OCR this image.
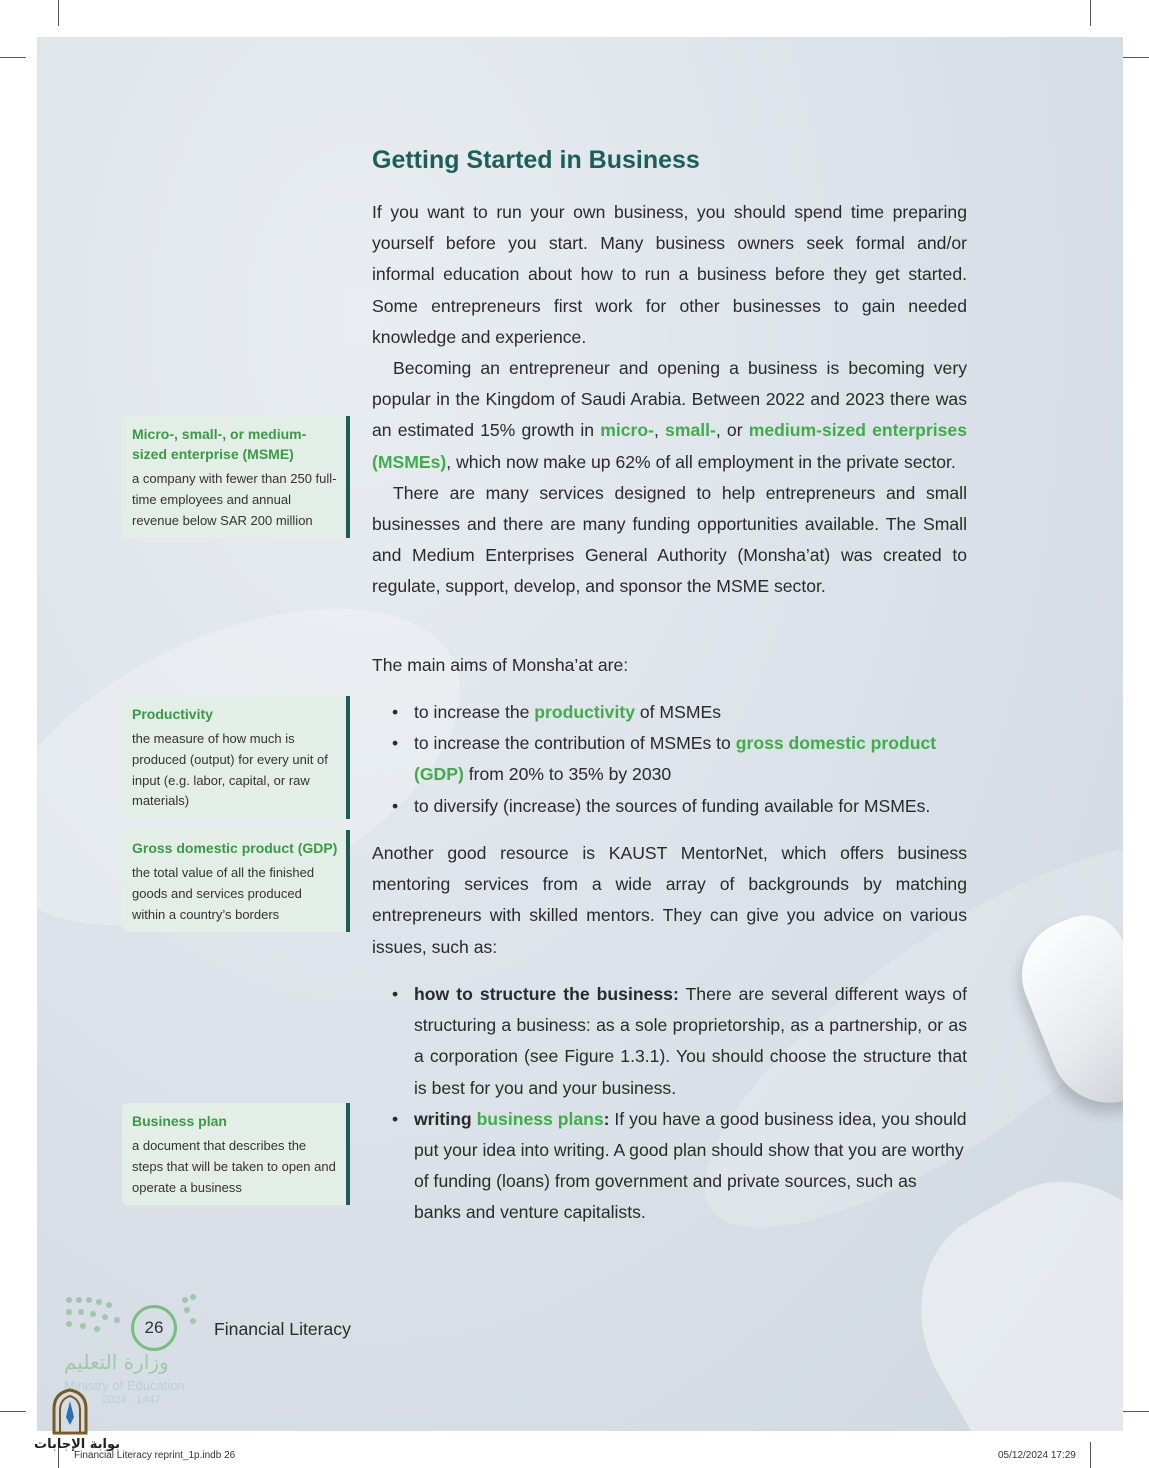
Getting Started in Business

If you want to run your own business, you should spend time preparing yourself before you start. Many business owners seek formal and/or informal education about how to run a business before they get started. Some entrepreneurs first work for other businesses to gain needed knowledge and experience.

Becoming an entrepreneur and opening a business is becoming very popular in the Kingdom of Saudi Arabia. Between 2022 and 2023 there was an estimated 15% growth in micro-, small-, or medium-sized enterprises (MSMEs), which now make up 62% of all employment in the private sector.

There are many services designed to help entrepreneurs and small businesses and there are many funding opportunities available. The Small and Medium Enterprises General Authority (Monsha’at) was created to regulate, support, develop, and sponsor the MSME sector.

The main aims of Monsha’at are:

• to increase the productivity of MSMEs
• to increase the contribution of MSMEs to gross domestic product (GDP) from 20% to 35% by 2030
• to diversify (increase) the sources of funding available for MSMEs.

Another good resource is KAUST MentorNet, which offers business mentoring services from a wide array of backgrounds by matching entrepreneurs with skilled mentors. They can give you advice on various issues, such as:

• how to structure the business: There are several different ways of structuring a business: as a sole proprietorship, as a partnership, or as a corporation (see Figure 1.3.1). You should choose the structure that is best for you and your business.
• writing business plans: If you have a good business idea, you should put your idea into writing. A good plan should show that you are worthy of funding (loans) from government and private sources, such as banks and venture capitalists.
Micro-, small-, or medium-sized enterprise (MSME)
a company with fewer than 250 full-time employees and annual revenue below SAR 200 million
Productivity
the measure of how much is produced (output) for every unit of input (e.g. labor, capital, or raw materials)
Gross domestic product (GDP)
the total value of all the finished goods and services produced within a country’s borders
Business plan
a document that describes the steps that will be taken to open and operate a business
26	Financial Literacy
وزارة التعليم
Ministry of Education
2024 - 1447
بوابة الإجابات
Financial Literacy reprint_1p.indb 26	05/12/2024 17:29
